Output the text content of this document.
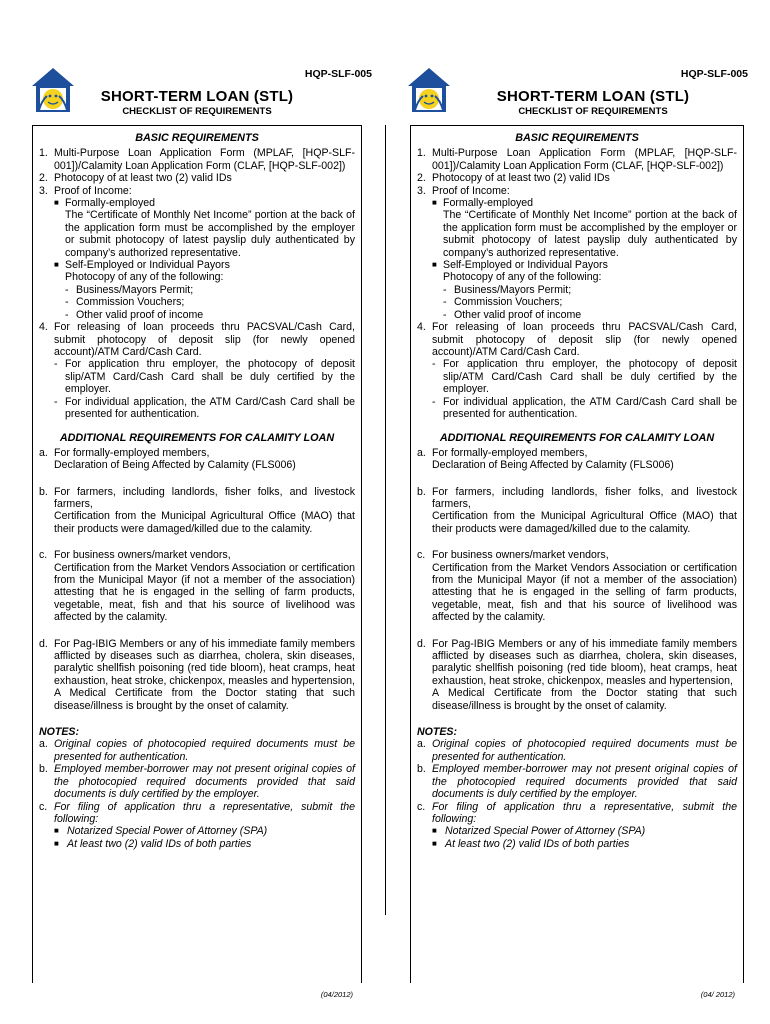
HQP-SLF-005
SHORT-TERM LOAN (STL)
CHECKLIST OF REQUIREMENTS
BASIC REQUIREMENTS
1. Multi-Purpose Loan Application Form (MPLAF, [HQP-SLF-001])/Calamity Loan Application Form (CLAF, [HQP-SLF-002])
2. Photocopy of at least two (2) valid IDs
3. Proof of Income:
■ Formally-employed
The “Certificate of Monthly Net Income” portion at the back of the application form must be accomplished by the employer or submit photocopy of latest payslip duly authenticated by company’s authorized representative.
■ Self-Employed or Individual Payors
Photocopy of any of the following:
- Business/Mayors Permit;
- Commission Vouchers;
- Other valid proof of income
4. For releasing of loan proceeds thru PACSVAL/Cash Card, submit photocopy of deposit slip (for newly opened account)/ATM Card/Cash Card.
- For application thru employer, the photocopy of deposit slip/ATM Card/Cash Card shall be duly certified by the employer.
- For individual application, the ATM Card/Cash Card shall be presented for authentication.
ADDITIONAL REQUIREMENTS FOR CALAMITY LOAN
a. For formally-employed members,
Declaration of Being Affected by Calamity (FLS006)
b. For farmers, including landlords, fisher folks, and livestock farmers,
Certification from the Municipal Agricultural Office (MAO) that their products were damaged/killed due to the calamity.
c. For business owners/market vendors,
Certification from the Market Vendors Association or certification from the Municipal Mayor (if not a member of the association) attesting that he is engaged in the selling of farm products, vegetable, meat, fish and that his source of livelihood was affected by the calamity.
d. For Pag-IBIG Members or any of his immediate family members afflicted by diseases such as diarrhea, cholera, skin diseases, paralytic shellfish poisoning (red tide bloom), heat cramps, heat exhaustion, heat stroke, chickenpox, measles and hypertension,
A Medical Certificate from the Doctor stating that such disease/illness is brought by the onset of calamity.
NOTES:
a. Original copies of photocopied required documents must be presented for authentication.
b. Employed member-borrower may not present original copies of the photocopied required documents provided that said documents is duly certified by the employer.
c. For filing of application thru a representative, submit the following:
■ Notarized Special Power of Attorney (SPA)
■ At least two (2) valid IDs of both parties
(04/2012)
HQP-SLF-005
SHORT-TERM LOAN (STL)
CHECKLIST OF REQUIREMENTS
BASIC REQUIREMENTS
1. Multi-Purpose Loan Application Form (MPLAF, [HQP-SLF-001])/Calamity Loan Application Form (CLAF, [HQP-SLF-002])
2. Photocopy of at least two (2) valid IDs
3. Proof of Income:
■ Formally-employed
The “Certificate of Monthly Net Income” portion at the back of the application form must be accomplished by the employer or submit photocopy of latest payslip duly authenticated by company’s authorized representative.
■ Self-Employed or Individual Payors
Photocopy of any of the following:
- Business/Mayors Permit;
- Commission Vouchers;
- Other valid proof of income
4. For releasing of loan proceeds thru PACSVAL/Cash Card, submit photocopy of deposit slip (for newly opened account)/ATM Card/Cash Card.
- For application thru employer, the photocopy of deposit slip/ATM Card/Cash Card shall be duly certified by the employer.
- For individual application, the ATM Card/Cash Card shall be presented for authentication.
ADDITIONAL REQUIREMENTS FOR CALAMITY LOAN
a. For formally-employed members,
Declaration of Being Affected by Calamity (FLS006)
b. For farmers, including landlords, fisher folks, and livestock farmers,
Certification from the Municipal Agricultural Office (MAO) that their products were damaged/killed due to the calamity.
c. For business owners/market vendors,
Certification from the Market Vendors Association or certification from the Municipal Mayor (if not a member of the association) attesting that he is engaged in the selling of farm products, vegetable, meat, fish and that his source of livelihood was affected by the calamity.
d. For Pag-IBIG Members or any of his immediate family members afflicted by diseases such as diarrhea, cholera, skin diseases, paralytic shellfish poisoning (red tide bloom), heat cramps, heat exhaustion, heat stroke, chickenpox, measles and hypertension,
A Medical Certificate from the Doctor stating that such disease/illness is brought by the onset of calamity.
NOTES:
a. Original copies of photocopied required documents must be presented for authentication.
b. Employed member-borrower may not present original copies of the photocopied required documents provided that said documents is duly certified by the employer.
c. For filing of application thru a representative, submit the following:
■ Notarized Special Power of Attorney (SPA)
■ At least two (2) valid IDs of both parties
(04/ 2012)
